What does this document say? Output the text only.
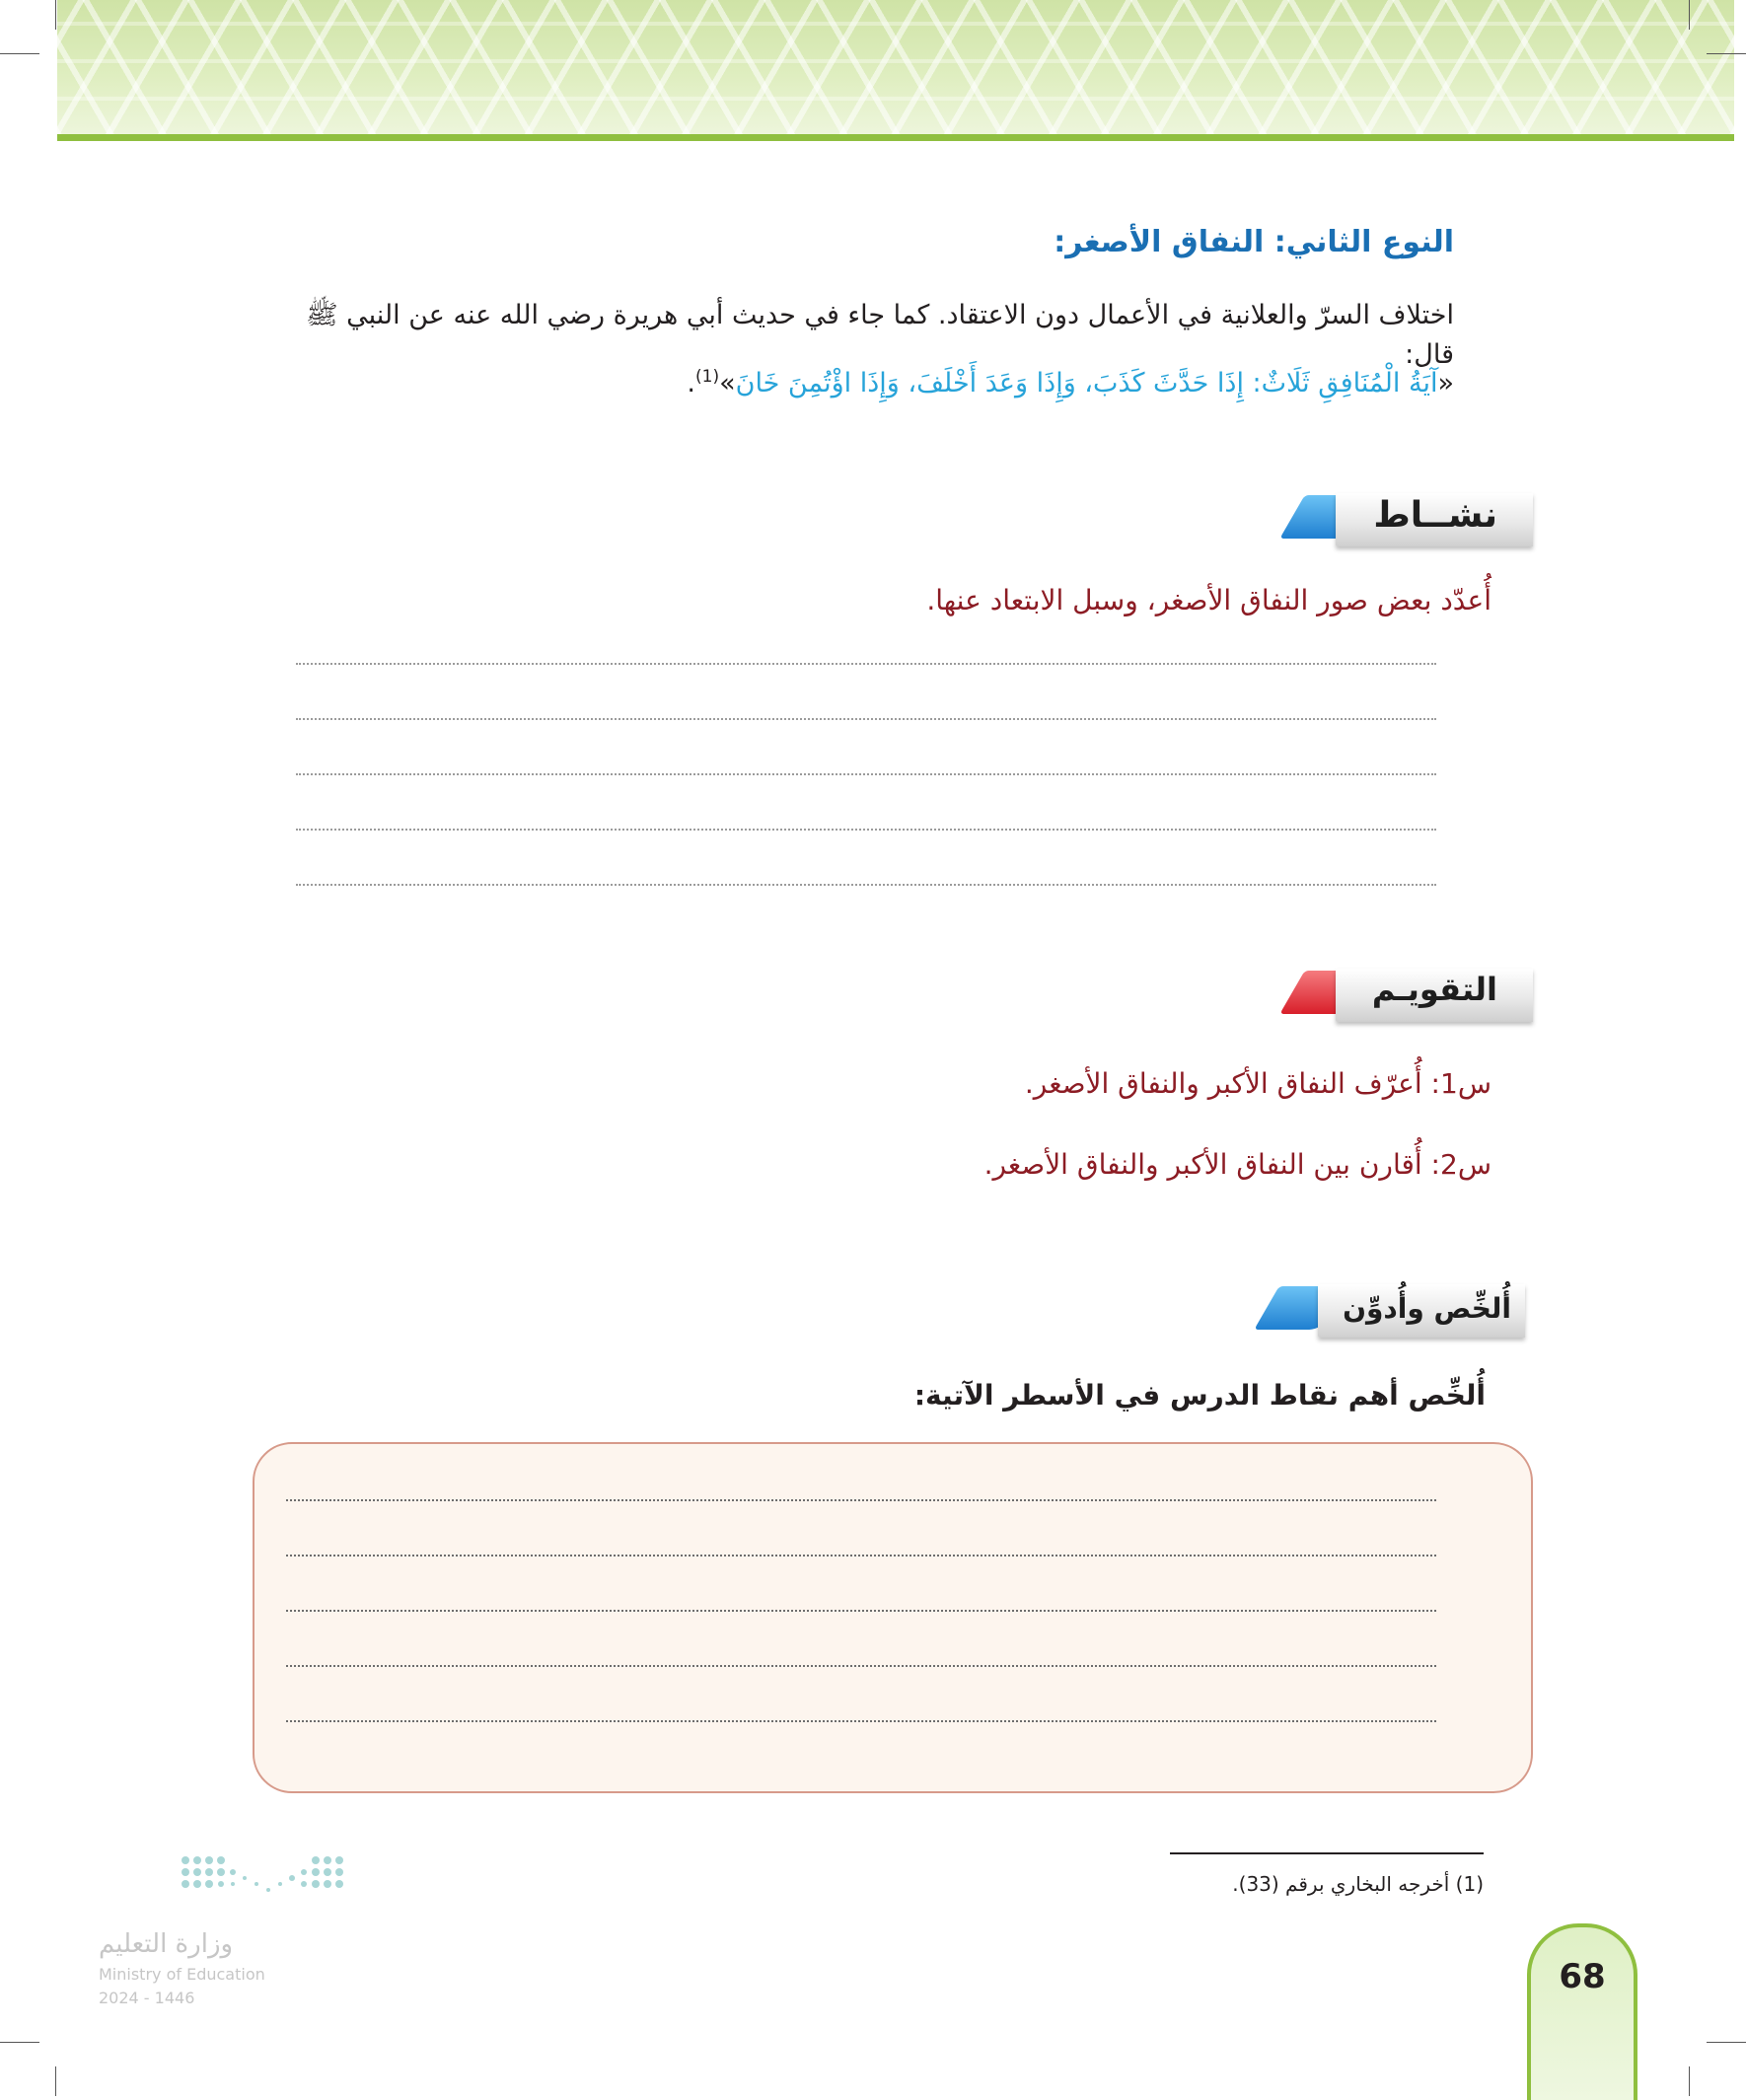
النوع الثاني: النفاق الأصغر:
اختلاف السرّ والعلانية في الأعمال دون الاعتقاد. كما جاء في حديث أبي هريرة رضي الله عنه عن النبي ﷺ قال:
«آيَةُ الْمُنَافِقِ ثَلَاثٌ: إِذَا حَدَّثَ كَذَبَ، وَإِذَا وَعَدَ أَخْلَفَ، وَإِذَا اؤْتُمِنَ خَانَ»$^{(1)}$.
نشــاط
أُعدّد بعض صور النفاق الأصغر، وسبل الابتعاد عنها.
التقويـم
س1: أُعرّف النفاق الأكبر والنفاق الأصغر.
س2: أُقارن بين النفاق الأكبر والنفاق الأصغر.
أُلخِّص وأُدوِّن
أُلخِّص أهم نقاط الدرس في الأسطر الآتية:
(1) أخرجه البخاري برقم (33).
وزارة التعليم
Ministry of Education
2024 - 1446
68
